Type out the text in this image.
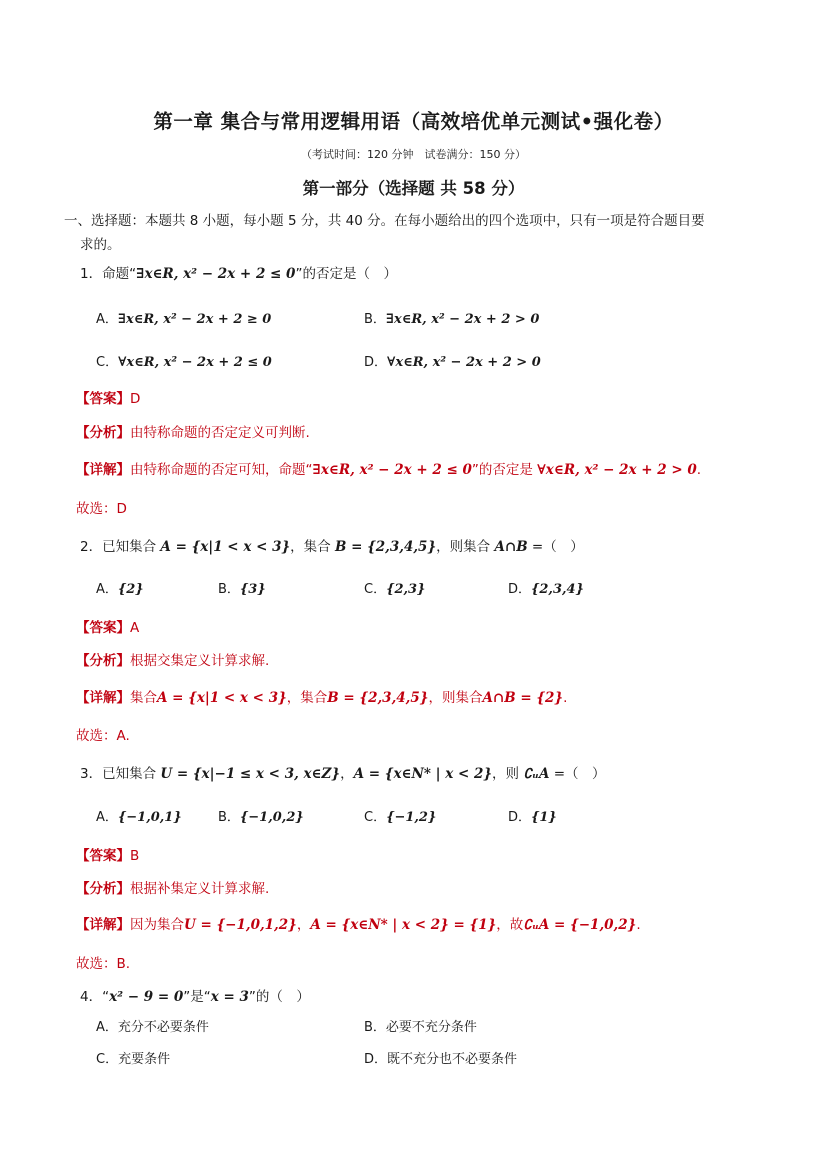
第一章 集合与常用逻辑用语（高效培优单元测试•强化卷）
（考试时间：120 分钟　试卷满分：150 分）
第一部分（选择题 共 58 分）
一、选择题：本题共 8 小题，每小题 5 分，共 40 分。在每小题给出的四个选项中，只有一项是符合题目要
求的。
1．命题“∃x∈R, x² − 2x + 2 ≤ 0”的否定是（　）
A．∃x∈R, x² − 2x + 2 ≥ 0	B．∃x∈R, x² − 2x + 2 > 0
C．∀x∈R, x² − 2x + 2 ≤ 0	D．∀x∈R, x² − 2x + 2 > 0
【答案】D
【分析】由特称命题的否定定义可判断.
【详解】由特称命题的否定可知，命题“∃x∈R, x² − 2x + 2 ≤ 0”的否定是 ∀x∈R, x² − 2x + 2 > 0.
故选：D
2．已知集合 A = {x|1 < x < 3}，集合 B = {2,3,4,5}，则集合 A∩B =（　）
A．{2}	B．{3}	C．{2,3}	D．{2,3,4}
【答案】A
【分析】根据交集定义计算求解.
【详解】集合A = {x|1 < x < 3}，集合B = {2,3,4,5}，则集合A∩B = {2}.
故选：A.
3．已知集合 U = {x|−1 ≤ x < 3, x∈Z}，A = {x∈N* | x < 2}，则 ∁ᵤA =（　）
A．{−1,0,1}	B．{−1,0,2}	C．{−1,2}	D．{1}
【答案】B
【分析】根据补集定义计算求解.
【详解】因为集合U = {−1,0,1,2}，A = {x∈N* | x < 2} = {1}，故∁ᵤA = {−1,0,2}.
故选：B.
4．“x² − 9 = 0”是“x = 3”的（　）
A．充分不必要条件	B．必要不充分条件
C．充要条件	D．既不充分也不必要条件
